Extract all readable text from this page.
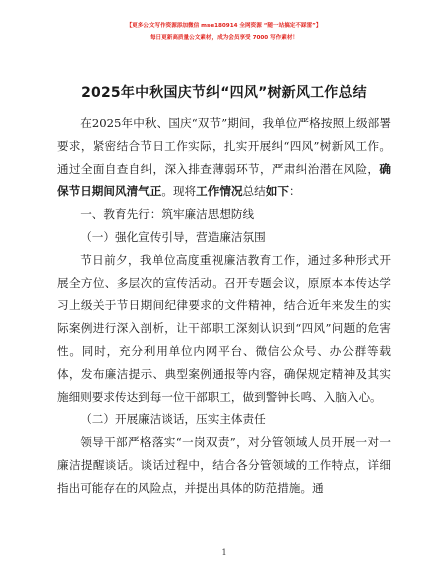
【更多公文写作资源添加微信 mse180914 全网资源 “随一站搞定不踩雷”】
每日更新高质量公文素材，成为会员享受 7000 写作素材！
2025年中秋国庆节纠“四风”树新风工作总结

在2025年中秋、国庆“双节”期间，我单位严格按照上级部署要求，紧密结合节日工作实际，扎实开展纠“四风”树新风工作。通过全面自查自纠，深入排查薄弱环节，严肃纠治潜在风险，确保节日期间风清气正。现将工作情况总结如下：

一、教育先行：筑牢廉洁思想防线
（一）强化宣传引导，营造廉洁氛围

节日前夕，我单位高度重视廉洁教育工作，通过多种形式开展全方位、多层次的宣传活动。召开专题会议，原原本本传达学习上级关于节日期间纪律要求的文件精神，结合近年来发生的实际案例进行深入剖析，让干部职工深刻认识到“四风”问题的危害性。同时，充分利用单位内网平台、微信公众号、办公群等载体，发布廉洁提示、典型案例通报等内容，确保规定精神及其实施细则要求传达到每一位干部职工，做到警钟长鸣、入脑入心。

（二）开展廉洁谈话，压实主体责任

领导干部严格落实“一岗双责”，对分管领域人员开展一对一廉洁提醒谈话。谈话过程中，结合各分管领域的工作特点，详细指出可能存在的风险点，并提出具体的防范措施。通

1
